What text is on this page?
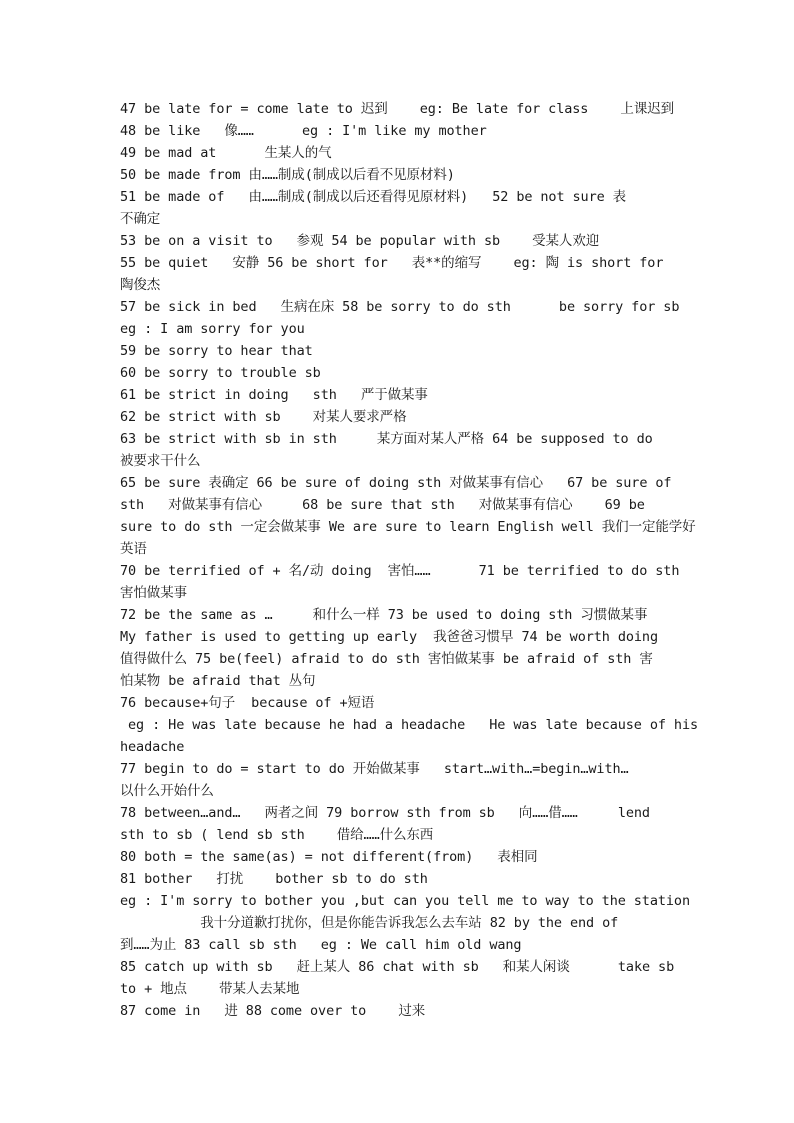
47 be late for = come late to 迟到    eg: Be late for class    上课迟到
48 be like   像……      eg : I'm like my mother
49 be mad at      生某人的气
50 be made from 由……制成(制成以后看不见原材料)
51 be made of   由……制成(制成以后还看得见原材料)   52 be not sure 表
不确定
53 be on a visit to   参观 54 be popular with sb    受某人欢迎
55 be quiet   安静 56 be short for   表**的缩写    eg: 陶 is short for
陶俊杰
57 be sick in bed   生病在床 58 be sorry to do sth      be sorry for sb
eg : I am sorry for you
59 be sorry to hear that
60 be sorry to trouble sb
61 be strict in doing   sth   严于做某事
62 be strict with sb    对某人要求严格
63 be strict with sb in sth     某方面对某人严格 64 be supposed to do
被要求干什么
65 be sure 表确定 66 be sure of doing sth 对做某事有信心   67 be sure of
sth   对做某事有信心     68 be sure that sth   对做某事有信心    69 be
sure to do sth 一定会做某事 We are sure to learn English well 我们一定能学好
英语
70 be terrified of + 名/动 doing  害怕……      71 be terrified to do sth
害怕做某事
72 be the same as …     和什么一样 73 be used to doing sth 习惯做某事
My father is used to getting up early  我爸爸习惯早 74 be worth doing
值得做什么 75 be(feel) afraid to do sth 害怕做某事 be afraid of sth 害
怕某物 be afraid that 丛句
76 because+句子  because of +短语
eg : He was late because he had a headache   He was late because of his
headache
77 begin to do = start to do 开始做某事   start…with…=begin…with…
以什么开始什么
78 between…and…   两者之间 79 borrow sth from sb   向……借……     lend
sth to sb ( lend sb sth    借给……什么东西
80 both = the same(as) = not different(from)   表相同
81 bother   打扰    bother sb to do sth
eg : I'm sorry to bother you ,but can you tell me to way to the station
我十分道歉打扰你，但是你能告诉我怎么去车站 82 by the end of
到……为止 83 call sb sth   eg : We call him old wang
85 catch up with sb   赶上某人 86 chat with sb   和某人闲谈      take sb
to + 地点    带某人去某地
87 come in   进 88 come over to    过来
